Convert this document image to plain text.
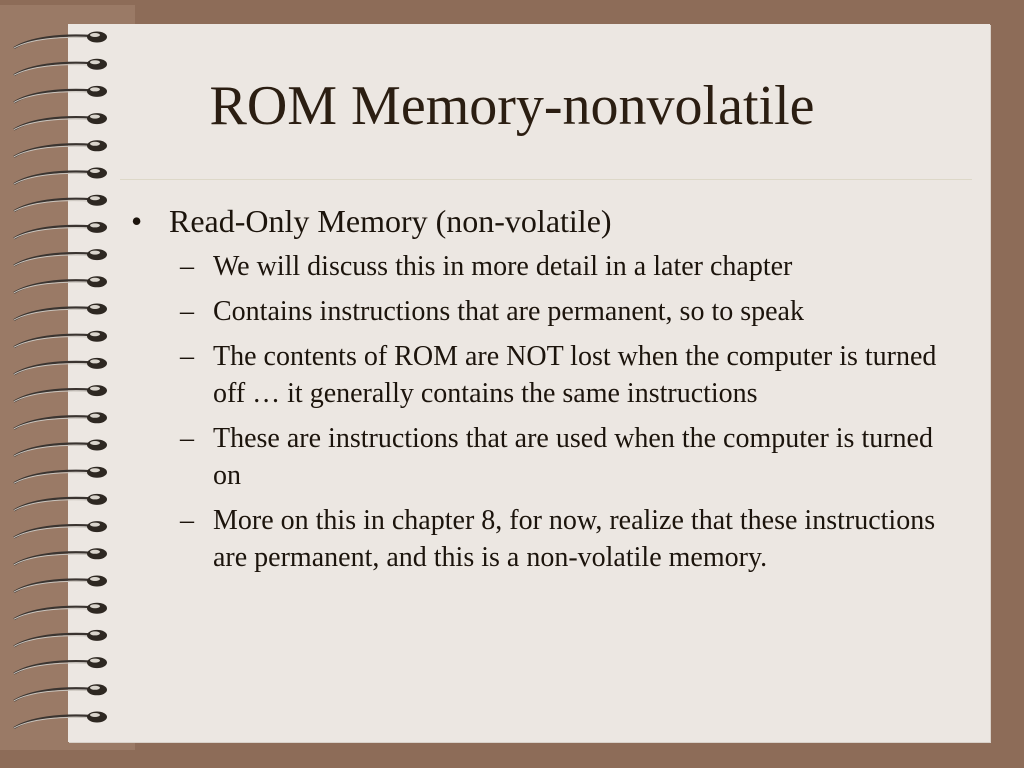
ROM Memory-nonvolatile
• Read-Only Memory (non-volatile)
– We will discuss this in more detail in a later chapter
– Contains instructions that are permanent, so to speak
– The contents of ROM are NOT lost when the computer is turned off … it generally contains the same instructions
– These are instructions that are used when the computer is turned on
– More on this in chapter 8, for now, realize that these instructions are permanent, and this is a non-volatile memory.
